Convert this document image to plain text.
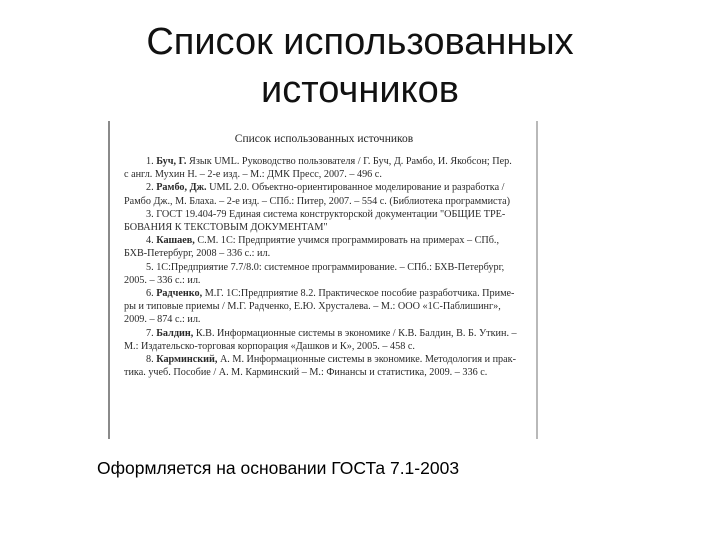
Список использованных
источников
Список использованных источников
1. Буч, Г. Язык UML. Руководство пользователя / Г. Буч, Д. Рамбо, И. Якобсон; Пер.
с англ. Мухин Н. – 2-е изд. – М.: ДМК Пресс, 2007. – 496 с.
2. Рамбо, Дж. UML 2.0. Объектно-ориентированное моделирование и разработка /
Рамбо Дж., М. Блаха. – 2-е изд. – СПб.: Питер, 2007. – 554 с. (Библиотека программиста)
3. ГОСТ 19.404-79 Единая система конструкторской документации "ОБЩИЕ ТРЕ-
БОВАНИЯ К ТЕКСТОВЫМ ДОКУМЕНТАМ"
4. Кашаев, С.М. 1С: Предприятие учимся программировать на примерах – СПб.,
БХВ-Петербург, 2008 – 336 с.: ил.
5. 1С:Предприятие 7.7/8.0: системное программирование. – СПб.: БХВ-Петербург,
2005. – 336 с.: ил.
6. Радченко, М.Г. 1С:Предприятие 8.2. Практическое пособие разработчика. Приме-
ры и типовые приемы / М.Г. Радченко, Е.Ю. Хрусталева. – М.: ООО «1С-Паблишинг»,
2009. – 874 с.: ил.
7. Балдин, К.В. Информационные системы в экономике / К.В. Балдин, В. Б. Уткин. –
М.: Издательско-торговая корпорация «Дашков и К», 2005. – 458 с.
8. Карминский, А. М. Информационные системы в экономике. Методология и прак-
тика. учеб. Пособие / А. М. Карминский – М.: Финансы и статистика, 2009. – 336 с.
Оформляется на основании ГОСТа 7.1-2003
